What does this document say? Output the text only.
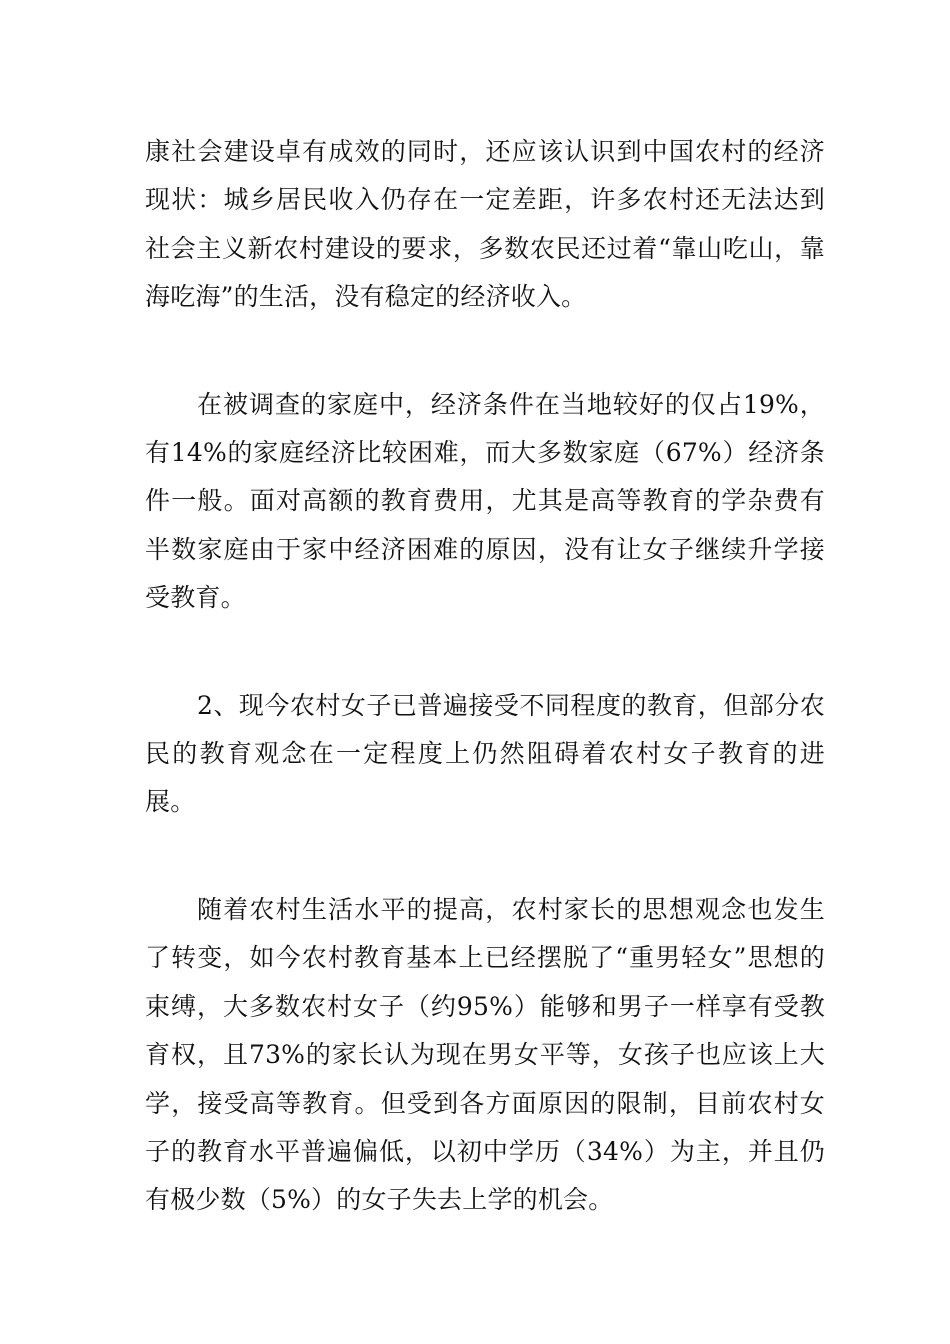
康社会建设卓有成效的同时，还应该认识到中国农村的经济现状：城乡居民收入仍存在一定差距，许多农村还无法达到社会主义新农村建设的要求，多数农民还过着“靠山吃山，靠海吃海”的生活，没有稳定的经济收入。

在被调查的家庭中，经济条件在当地较好的仅占19%，有14%的家庭经济比较困难，而大多数家庭（67%）经济条件一般。面对高额的教育费用，尤其是高等教育的学杂费有半数家庭由于家中经济困难的原因，没有让女子继续升学接受教育。

2、现今农村女子已普遍接受不同程度的教育，但部分农民的教育观念在一定程度上仍然阻碍着农村女子教育的进展。

随着农村生活水平的提高，农村家长的思想观念也发生了转变，如今农村教育基本上已经摆脱了“重男轻女”思想的束缚，大多数农村女子（约95%）能够和男子一样享有受教育权，且73%的家长认为现在男女平等，女孩子也应该上大学，接受高等教育。但受到各方面原因的限制，目前农村女子的教育水平普遍偏低，以初中学历（34%）为主，并且仍有极少数（5%）的女子失去上学的机会。
